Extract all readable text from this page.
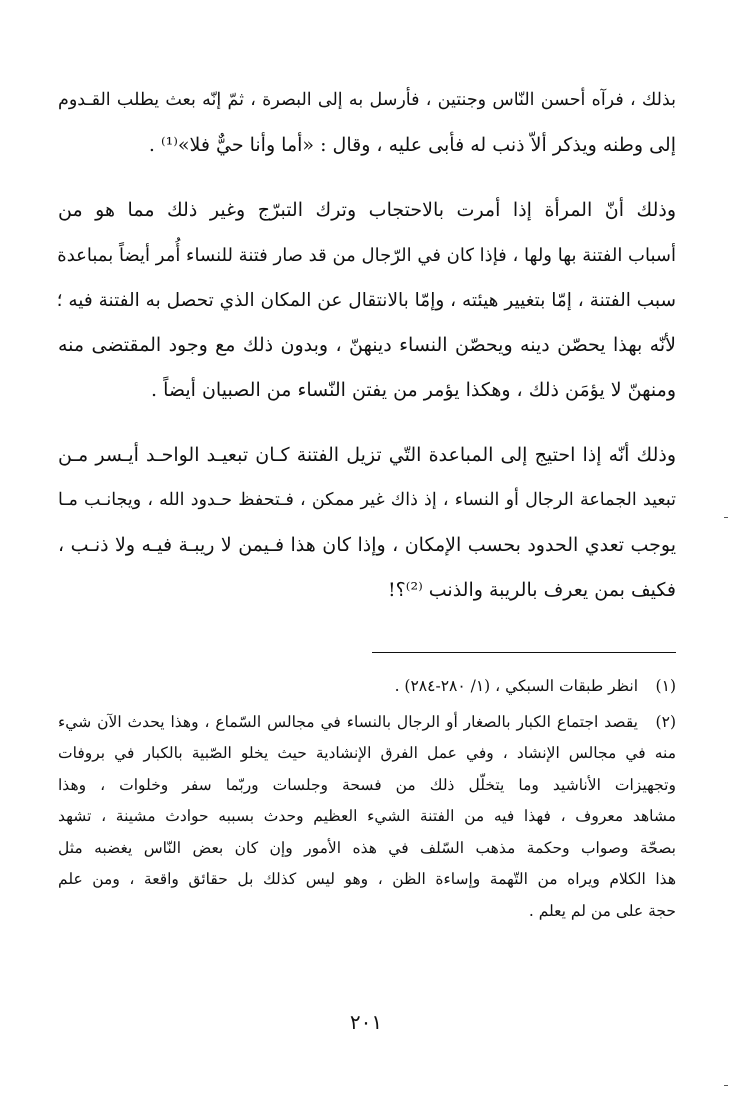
بذلك ، فرآه أحسن النّاس وجنتين ، فأرسل به إلى البصرة ، ثمّ إنّه بعث يطلب القـدوم
إلى وطنه ويذكر ألاّ ذنب له فأبى عليه ، وقال : «أما وأنا حيٌّ فلا»⁽¹⁾ .
وذلك أنّ المرأة إذا أمرت بالاحتجاب وترك التبرّج وغير ذلك مما هو من
أسباب الفتنة بها ولها ، فإذا كان في الرّجال من قد صار فتنة للنساء أُمر أيضاً بمباعدة
سبب الفتنة ، إمّا بتغيير هيئته ، وإمّا بالانتقال عن المكان الذي تحصل به الفتنة فيه ؛
لأنّه بهذا يحصّن دينه ويحصّن النساء دينهنّ ، وبدون ذلك مع وجود المقتضى منه
ومنهنّ لا يؤمَن ذلك ، وهكذا يؤمر من يفتن النّساء من الصبيان أيضاً .
وذلك أنّه إذا احتيج إلى المباعدة التّي تزيل الفتنة كـان تبعيـد الواحـد أيـسر مـن
تبعيد الجماعة الرجال أو النساء ، إذ ذاك غير ممكن ، فـتحفظ حـدود الله ، ويجانـب مـا
يوجب تعدي الحدود بحسب الإمكان ، وإذا كان هذا فـيمن لا ريبـة فيـه ولا ذنـب ،
فكيف بمن يعرف بالريبة والذنب ⁽²⁾؟!
(١)
انظر طبقات السبكي ، (١/ ٢٨٠-٢٨٤) .
(٢)
يقصد اجتماع الكبار بالصغار أو الرجال بالنساء في مجالس السّماع ، وهذا يحدث الآن شيء
منه في مجالس الإنشاد ، وفي عمل الفرق الإنشادية حيث يخلو الصّبية بالكبار في بروفات
وتجهيزات الأناشيد وما يتخلّل ذلك من فسحة وجلسات وربّما سفر وخلوات ، وهذا
مشاهد معروف ، فهذا فيه من الفتنة الشيء العظيم وحدث بسببه حوادث مشينة ، تشهد
بصحّة وصواب وحكمة مذهب السّلف في هذه الأمور وإن كان بعض النّاس يغضبه مثل
هذا الكلام ويراه من التّهمة وإساءة الظن ، وهو ليس كذلك بل حقائق واقعة ، ومن علم
حجة على من لم يعلم .
٢٠١
